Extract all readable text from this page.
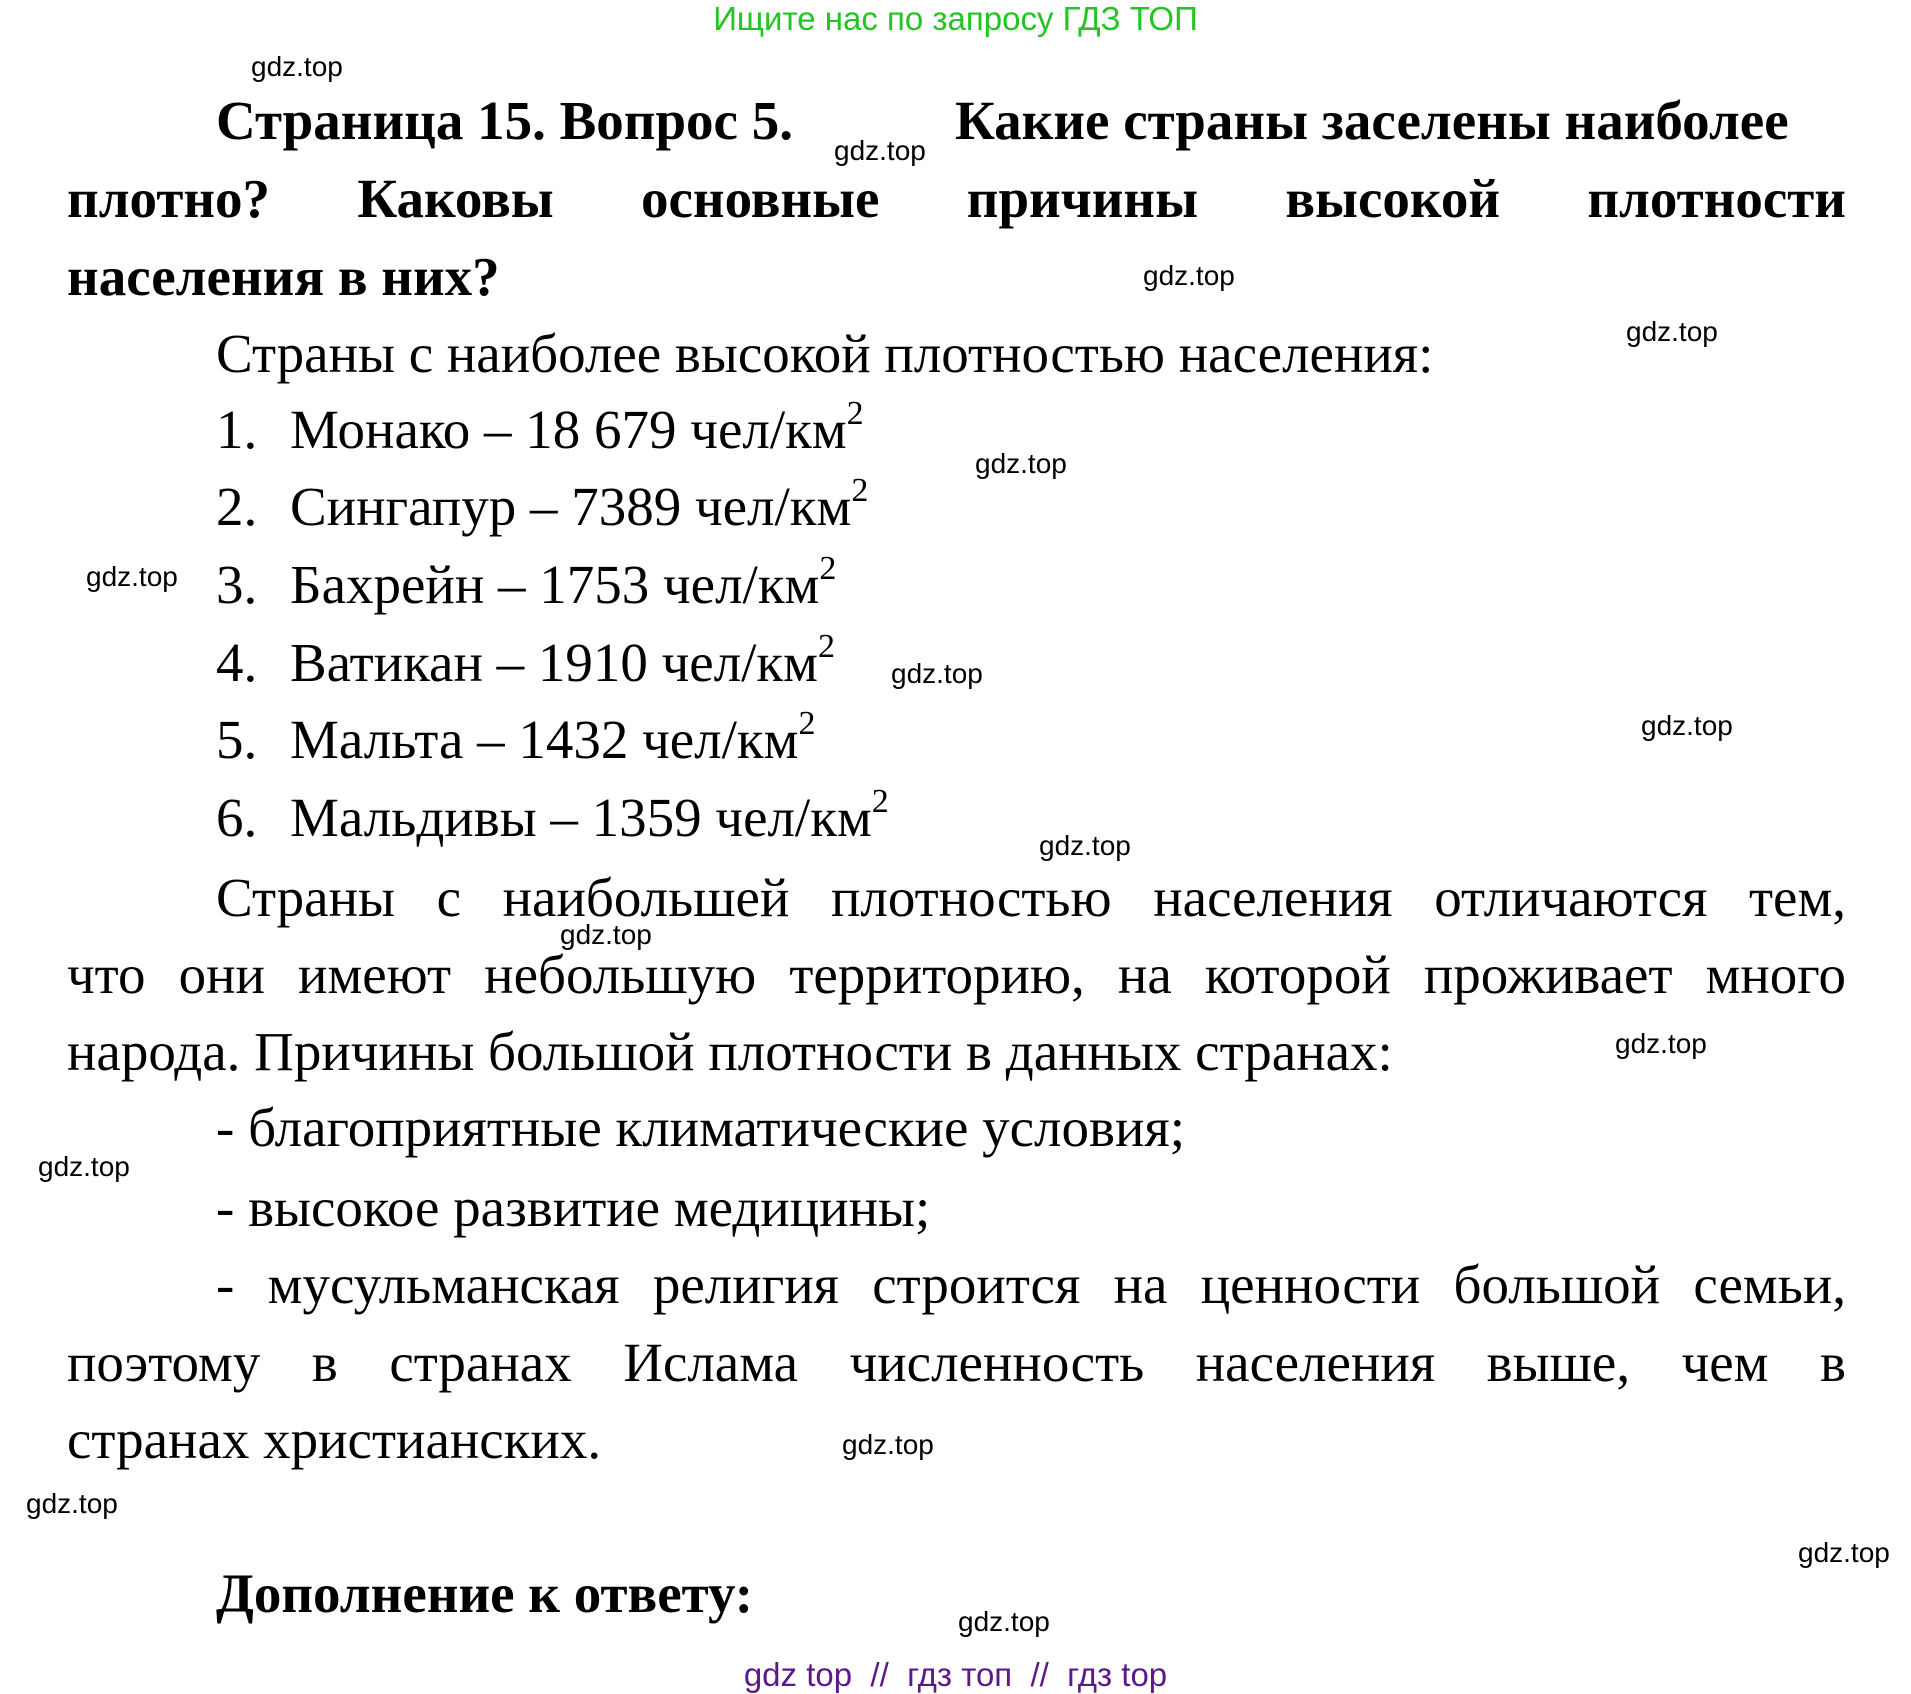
Ищите нас по запросу ГДЗ ТОП
Страница 15. Вопрос 5.	Какие страны заселены наиболее
плотно? Каковы основные причины высокой плотности
населения в них?
Страны с наиболее высокой плотностью населения:
1. Монако – 18 679 чел/$км^2$
2. Сингапур – 7389 чел/$км^2$
3. Бахрейн – 1753 чел/$км^2$
4. Ватикан – 1910 чел/$км^2$
5. Мальта – 1432 чел/$км^2$
6. Мальдивы – 1359 чел/$км^2$
Страны с наибольшей плотностью населения отличаются тем,
что они имеют небольшую территорию, на которой проживает много
народа. Причины большой плотности в данных странах:
- благоприятные климатические условия;
- высокое развитие медицины;
- мусульманская религия строится на ценности большой семьи,
поэтому в странах Ислама численность населения выше, чем в
странах христианских.
Дополнение к ответу:
gdz.top
gdz.top
gdz.top
gdz.top
gdz.top
gdz.top
gdz.top
gdz.top
gdz.top
gdz.top
gdz.top
gdz.top
gdz.top
gdz.top
gdz.top
gdz.top
gdz top  //  гдз топ  //  гдз top
